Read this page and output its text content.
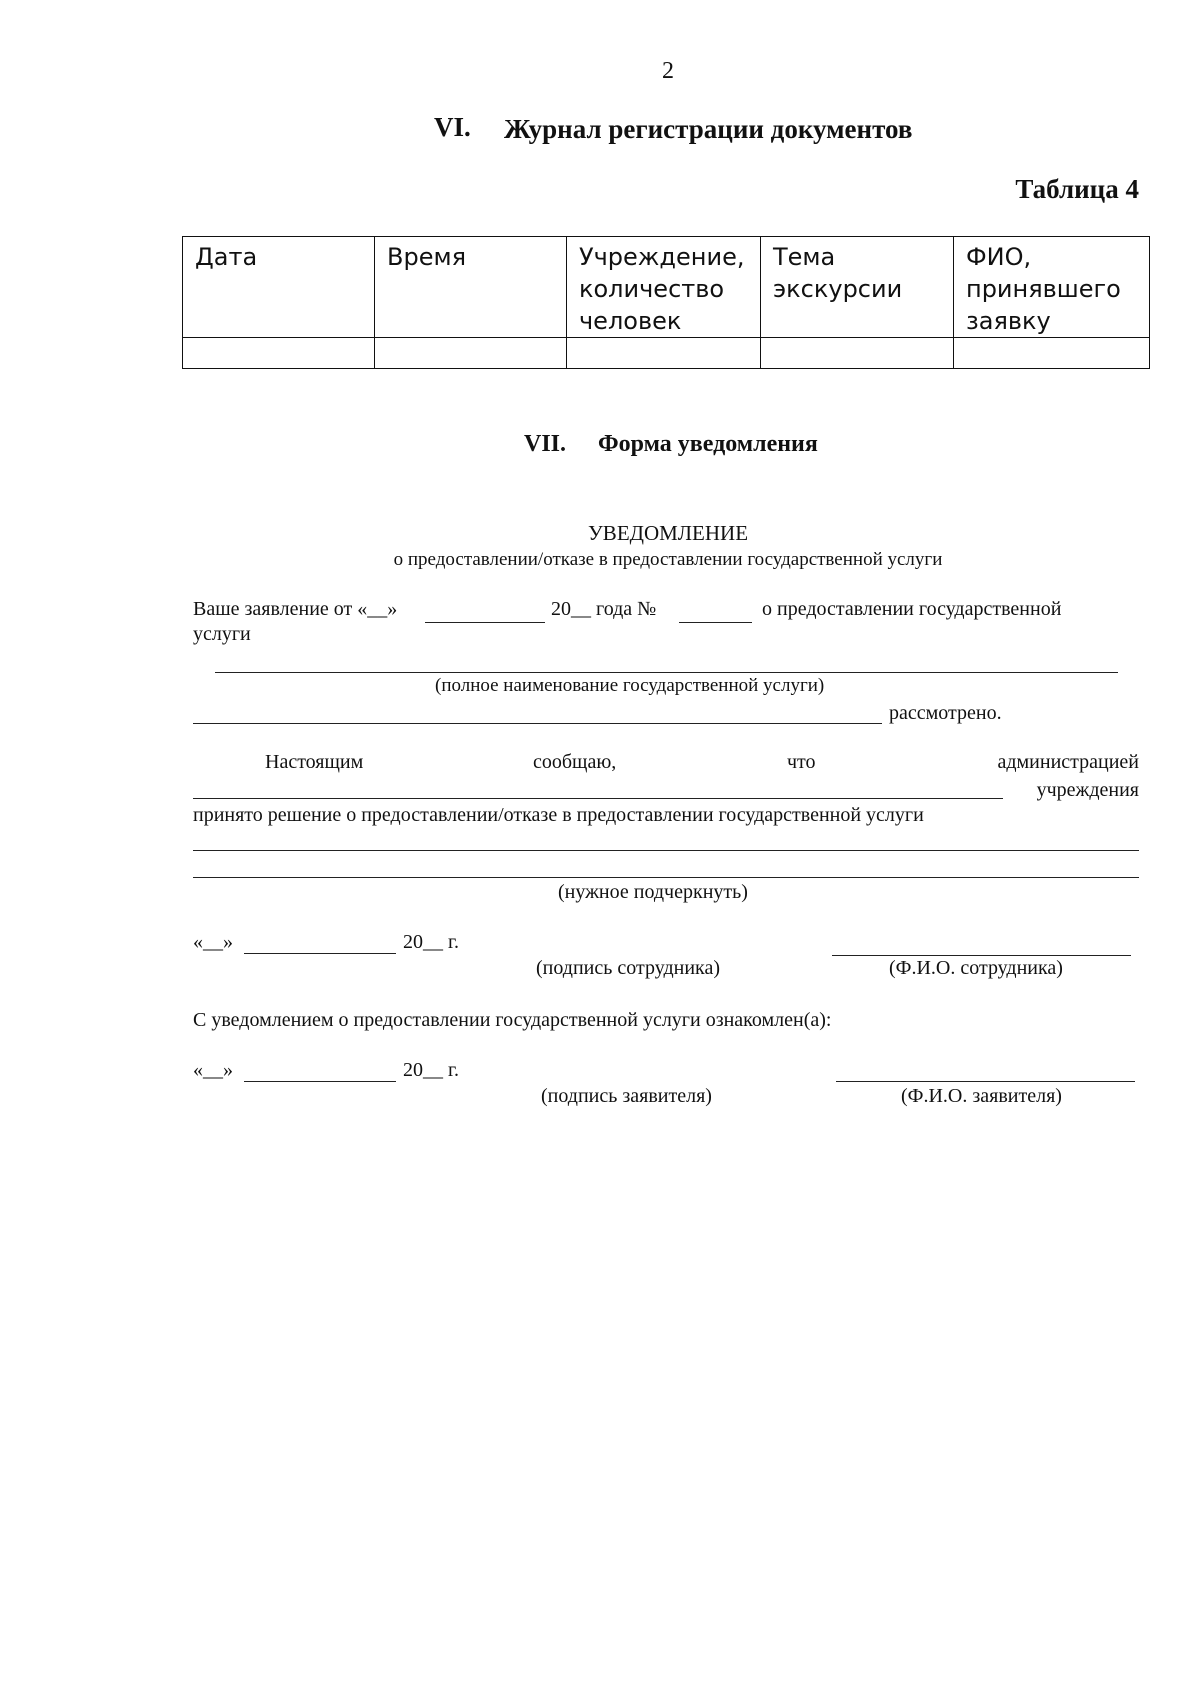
2
VI. Журнал регистрации документов
Таблица 4
Дата	Время	Учреждение, количество человек	Тема экскурсии	ФИО, принявшего заявку

VII. Форма уведомления
УВЕДОМЛЕНИЕ
о предоставлении/отказе в предоставлении государственной услуги
Ваше заявление от «__»	20__ года №	о предоставлении государственной
услуги
(полное наименование государственной услуги)
рассмотрено.
Настоящим	сообщаю,	что	администрацией
учреждения
принято решение о предоставлении/отказе в предоставлении государственной услуги
(нужное подчеркнуть)
«__»	20__ г.
(подпись сотрудника)	(Ф.И.О. сотрудника)
С уведомлением о предоставлении государственной услуги ознакомлен(а):
«__»	20__ г.
(подпись заявителя)	(Ф.И.О. заявителя)
